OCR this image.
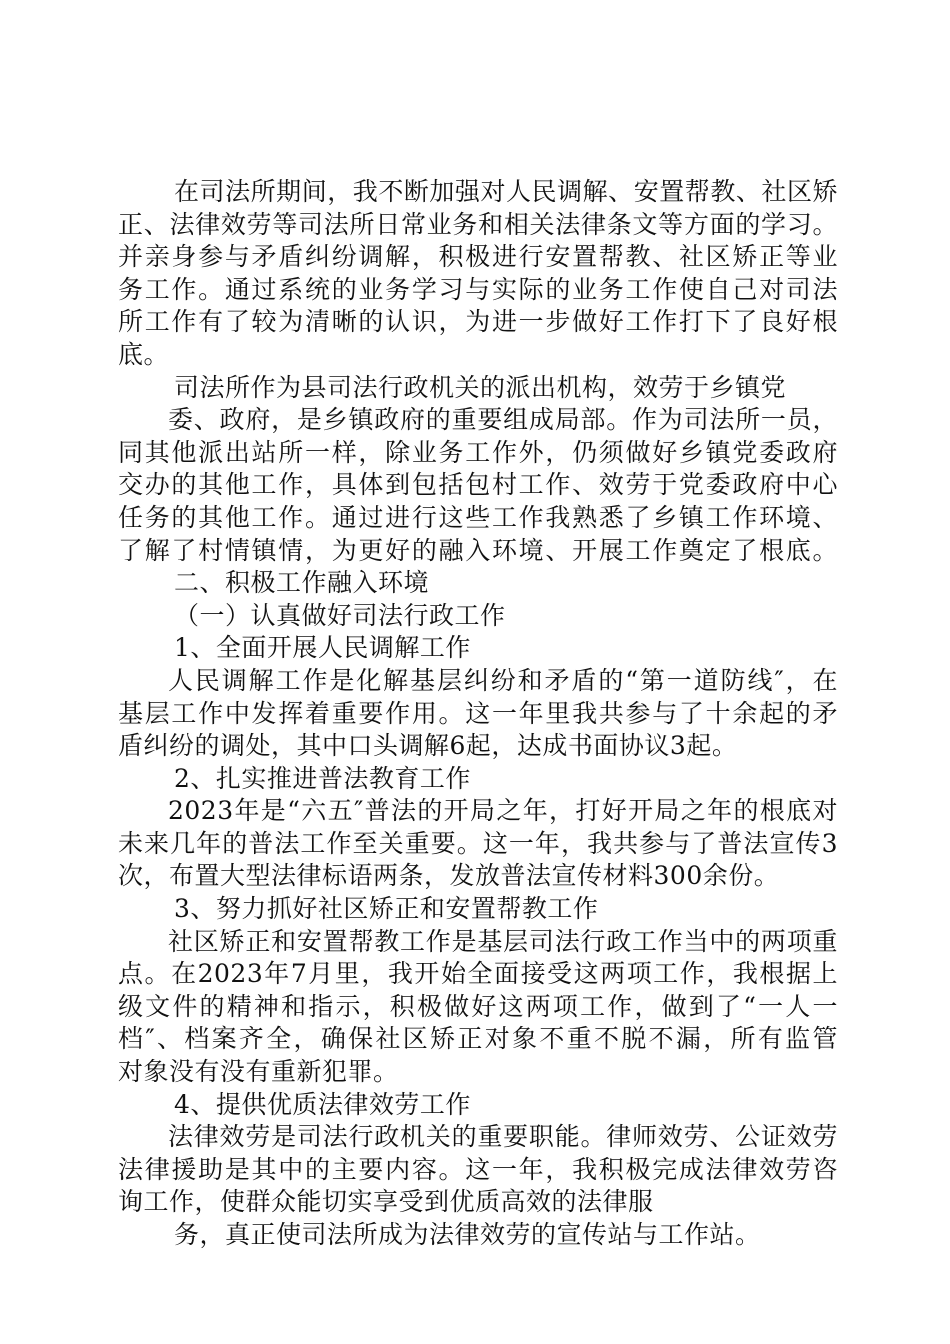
在司法所期间，我不断加强对人民调解、安置帮教、社区矫
正、法律效劳等司法所日常业务和相关法律条文等方面的学习。
并亲身参与矛盾纠纷调解，积极进行安置帮教、社区矫正等业
务工作。通过系统的业务学习与实际的业务工作使自己对司法
所工作有了较为清晰的认识，为进一步做好工作打下了良好根
底。
司法所作为县司法行政机关的派出机构，效劳于乡镇党
委、政府，是乡镇政府的重要组成局部。作为司法所一员，
同其他派出站所一样，除业务工作外，仍须做好乡镇党委政府
交办的其他工作，具体到包括包村工作、效劳于党委政府中心
任务的其他工作。通过进行这些工作我熟悉了乡镇工作环境、
了解了村情镇情，为更好的融入环境、开展工作奠定了根底。
二、积极工作融入环境
（一）认真做好司法行政工作
1、全面开展人民调解工作
人民调解工作是化解基层纠纷和矛盾的“第一道防线″，在
基层工作中发挥着重要作用。这一年里我共参与了十余起的矛
盾纠纷的调处，其中口头调解6起，达成书面协议3起。
2、扎实推进普法教育工作
2023年是“六五″普法的开局之年，打好开局之年的根底对
未来几年的普法工作至关重要。这一年，我共参与了普法宣传3
次，布置大型法律标语两条，发放普法宣传材料300余份。
3、努力抓好社区矫正和安置帮教工作
社区矫正和安置帮教工作是基层司法行政工作当中的两项重
点。在2023年7月里，我开始全面接受这两项工作，我根据上
级文件的精神和指示，积极做好这两项工作，做到了“一人一
档″、档案齐全，确保社区矫正对象不重不脱不漏，所有监管
对象没有没有重新犯罪。
4、提供优质法律效劳工作
法律效劳是司法行政机关的重要职能。律师效劳、公证效劳
法律援助是其中的主要内容。这一年，我积极完成法律效劳咨
询工作，使群众能切实享受到优质高效的法律服
务，真正使司法所成为法律效劳的宣传站与工作站。
